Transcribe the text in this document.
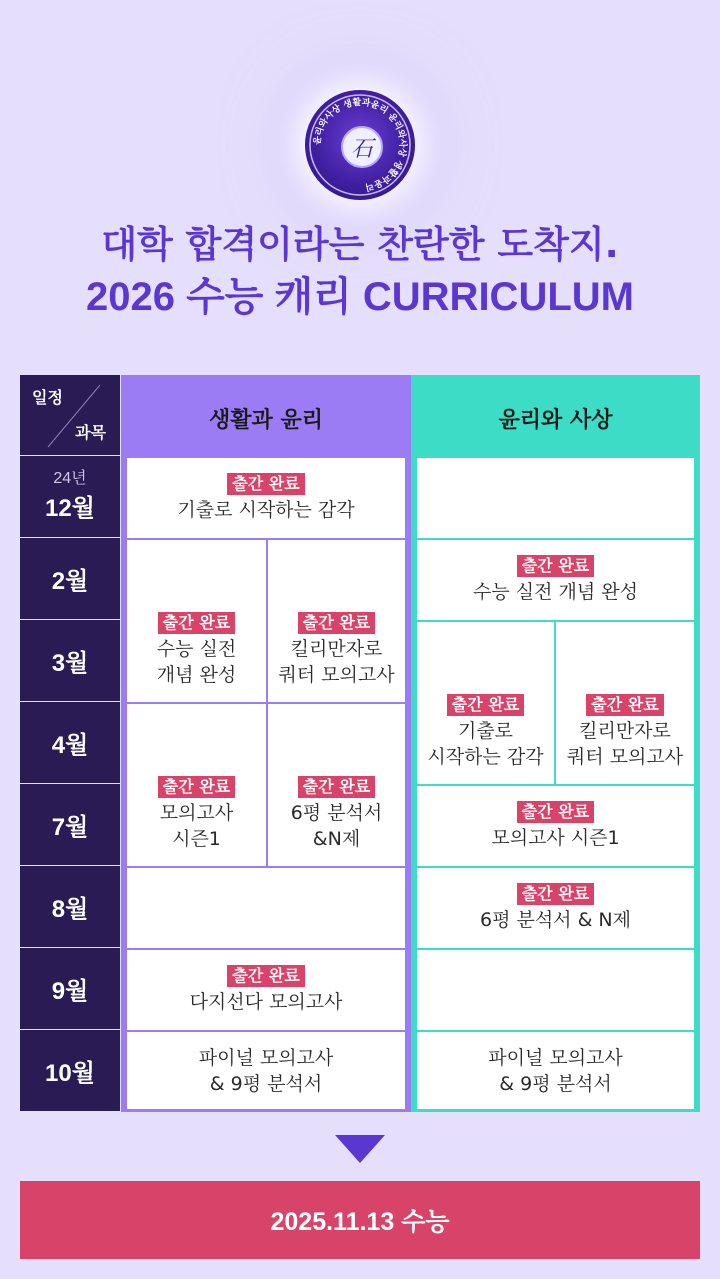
윤리와사상 생활과윤리 윤리와사상 생활과윤리
石
대학 합격이라는 찬란한 도착지.
2026 수능 캐리 CURRICULUM
일정
과목
24년
12월
2월
3월
4월
7월
8월
9월
10월
생활과 윤리
출간 완료
기출로 시작하는 감각
출간 완료
수능 실전
개념 완성
출간 완료
킬리만자로
쿼터 모의고사
출간 완료
모의고사
시즌1
출간 완료
6평 분석서
&N제
출간 완료
다지선다 모의고사
파이널 모의고사
& 9평 분석서
윤리와 사상
출간 완료
수능 실전 개념 완성
출간 완료
기출로
시작하는 감각
출간 완료
킬리만자로
쿼터 모의고사
출간 완료
모의고사 시즌1
출간 완료
6평 분석서 & N제
파이널 모의고사
& 9평 분석서
2025.11.13 수능
